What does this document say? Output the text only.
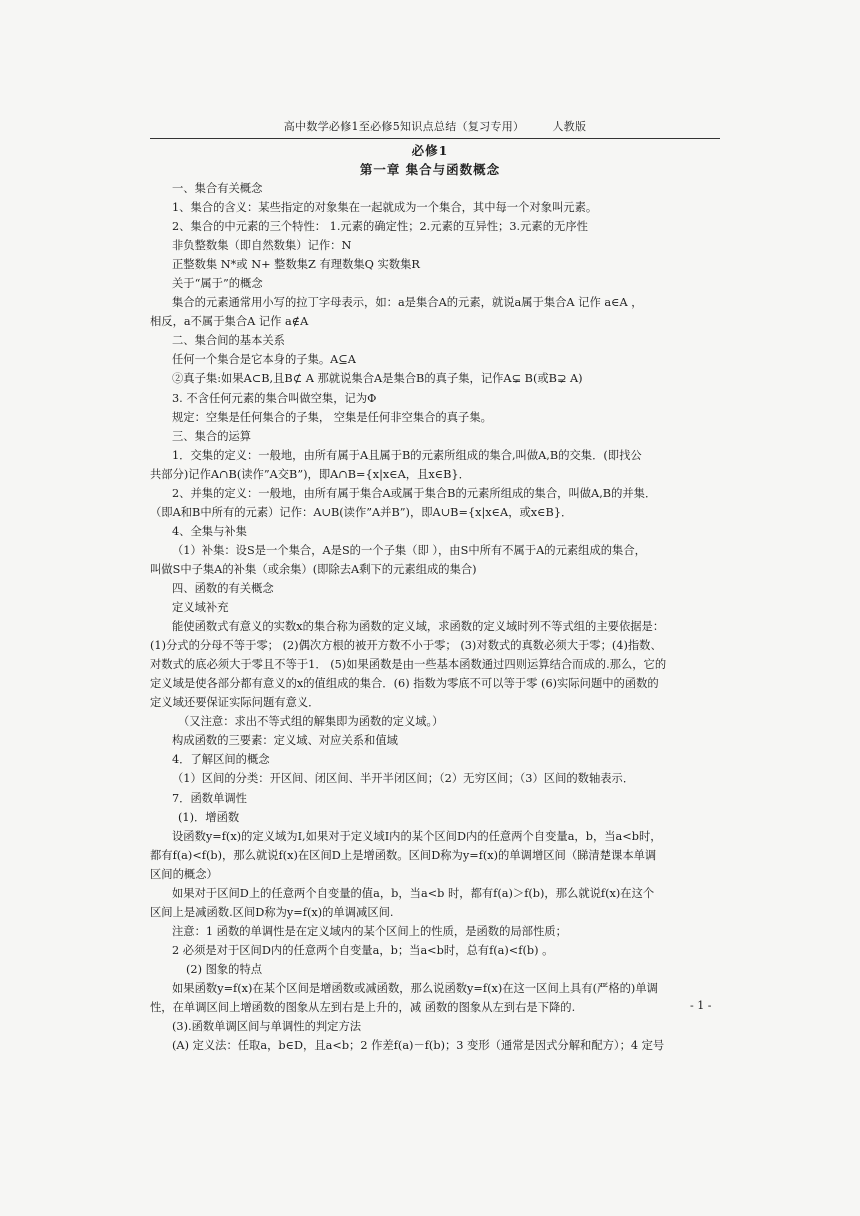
高中数学必修1至必修5知识点总结（复习专用）	人教版
必修1
第一章 集合与函数概念
一、集合有关概念
1、集合的含义：某些指定的对象集在一起就成为一个集合，其中每一个对象叫元素。
2、集合的中元素的三个特性： 1.元素的确定性；2.元素的互异性；3.元素的无序性
非负整数集（即自然数集）记作：N
正整数集 N*或 N+ 整数集Z 有理数集Q 实数集R
关于“属于”的概念
集合的元素通常用小写的拉丁字母表示，如：a是集合A的元素，就说a属于集合A 记作 a∈A ，
相反，a不属于集合A 记作 a∉A
二、集合间的基本关系
任何一个集合是它本身的子集。A⊆A
②真子集:如果A⊂B,且B⊄ A 那就说集合A是集合B的真子集，记作A⊊ B(或B⊋ A)
3. 不含任何元素的集合叫做空集，记为Φ
规定：空集是任何集合的子集， 空集是任何非空集合的真子集。
三、集合的运算
1．交集的定义：一般地，由所有属于A且属于B的元素所组成的集合,叫做A,B的交集．(即找公
共部分)记作A∩B(读作”A交B”)，即A∩B={x|x∈A，且x∈B}．
2、并集的定义：一般地，由所有属于集合A或属于集合B的元素所组成的集合，叫做A,B的并集．
（即A和B中所有的元素）记作：A∪B(读作”A并B”)，即A∪B={x|x∈A，或x∈B}．
4、全集与补集
（1）补集：设S是一个集合，A是S的一个子集（即 ），由S中所有不属于A的元素组成的集合，
叫做S中子集A的补集（或余集）(即除去A剩下的元素组成的集合)
四、函数的有关概念
定义域补充
能使函数式有意义的实数x的集合称为函数的定义域，求函数的定义域时列不等式组的主要依据是：
(1)分式的分母不等于零； (2)偶次方根的被开方数不小于零； (3)对数式的真数必须大于零；(4)指数、
对数式的底必须大于零且不等于1． (5)如果函数是由一些基本函数通过四则运算结合而成的.那么，它的
定义域是使各部分都有意义的x的值组成的集合．(6) 指数为零底不可以等于零 (6)实际问题中的函数的
定义域还要保证实际问题有意义．
（又注意：求出不等式组的解集即为函数的定义域。）
构成函数的三要素：定义域、对应关系和值域
4．了解区间的概念
（1）区间的分类：开区间、闭区间、半开半闭区间；（2）无穷区间；（3）区间的数轴表示．
7．函数单调性
(1)．增函数
设函数y=f(x)的定义域为I,如果对于定义域I内的某个区间D内的任意两个自变量a，b，当a<b时，
都有f(a)<f(b)，那么就说f(x)在区间D上是增函数。区间D称为y=f(x)的单调增区间（睇清楚课本单调
区间的概念）
如果对于区间D上的任意两个自变量的值a，b，当a<b 时，都有f(a)＞f(b)，那么就说f(x)在这个
区间上是减函数.区间D称为y=f(x)的单调减区间.
注意：1 函数的单调性是在定义域内的某个区间上的性质，是函数的局部性质；
2 必须是对于区间D内的任意两个自变量a，b；当a<b时，总有f(a)<f(b) 。
(2) 图象的特点
如果函数y=f(x)在某个区间是增函数或减函数，那么说函数y=f(x)在这一区间上具有(严格的)单调
性，在单调区间上增函数的图象从左到右是上升的，减 函数的图象从左到右是下降的.
(3).函数单调区间与单调性的判定方法
(A) 定义法：任取a，b∈D，且a<b；2 作差f(a)－f(b)；3 变形（通常是因式分解和配方）；4 定号
- 1 -
